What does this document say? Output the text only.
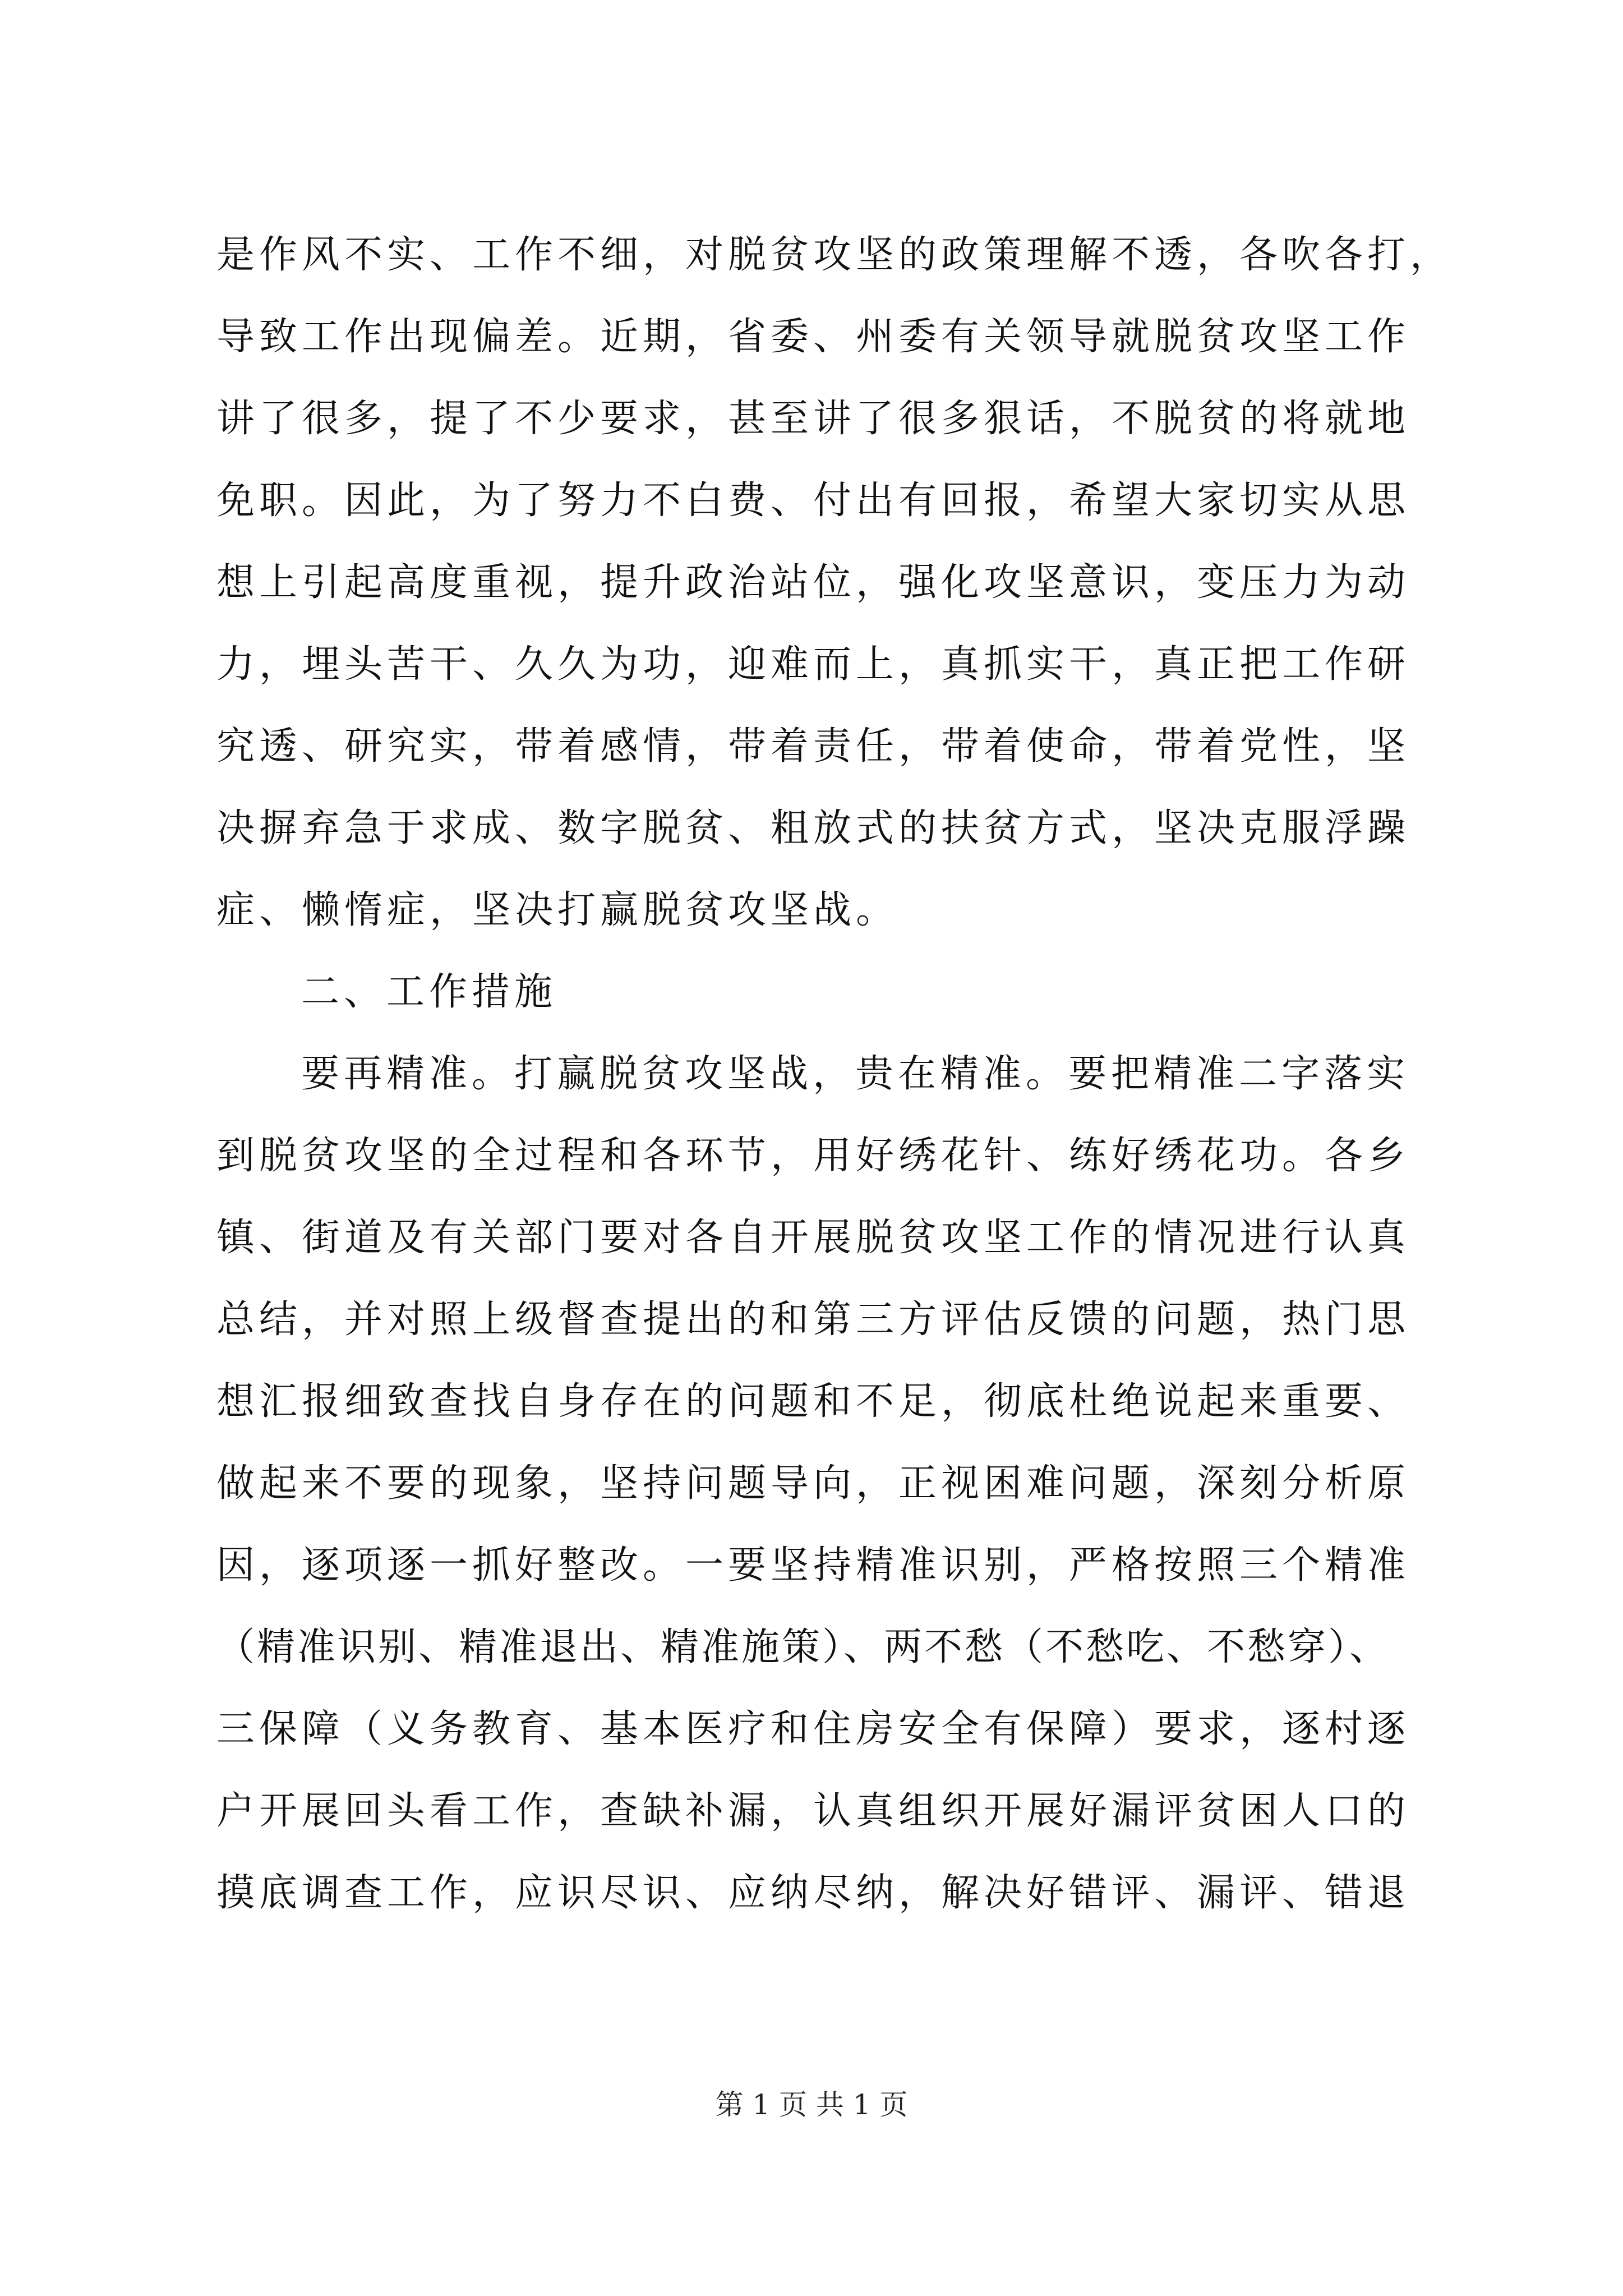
是作风不实、工作不细，对脱贫攻坚的政策理解不透，各吹各打，
导致工作出现偏差。近期，省委、州委有关领导就脱贫攻坚工作
讲了很多，提了不少要求，甚至讲了很多狠话，不脱贫的将就地
免职。因此，为了努力不白费、付出有回报，希望大家切实从思
想上引起高度重视，提升政治站位，强化攻坚意识，变压力为动
力，埋头苦干、久久为功，迎难而上，真抓实干，真正把工作研
究透、研究实，带着感情，带着责任，带着使命，带着党性，坚
决摒弃急于求成、数字脱贫、粗放式的扶贫方式，坚决克服浮躁
症、懒惰症，坚决打赢脱贫攻坚战。
二、工作措施
要再精准。打赢脱贫攻坚战，贵在精准。要把精准二字落实
到脱贫攻坚的全过程和各环节，用好绣花针、练好绣花功。各乡
镇、街道及有关部门要对各自开展脱贫攻坚工作的情况进行认真
总结，并对照上级督查提出的和第三方评估反馈的问题，热门思
想汇报细致查找自身存在的问题和不足，彻底杜绝说起来重要、
做起来不要的现象，坚持问题导向，正视困难问题，深刻分析原
因，逐项逐一抓好整改。一要坚持精准识别，严格按照三个精准
（精准识别、精准退出、精准施策）、两不愁（不愁吃、不愁穿）、
三保障（义务教育、基本医疗和住房安全有保障）要求，逐村逐
户开展回头看工作，查缺补漏，认真组织开展好漏评贫困人口的
摸底调查工作，应识尽识、应纳尽纳，解决好错评、漏评、错退
第 1 页 共 1 页
